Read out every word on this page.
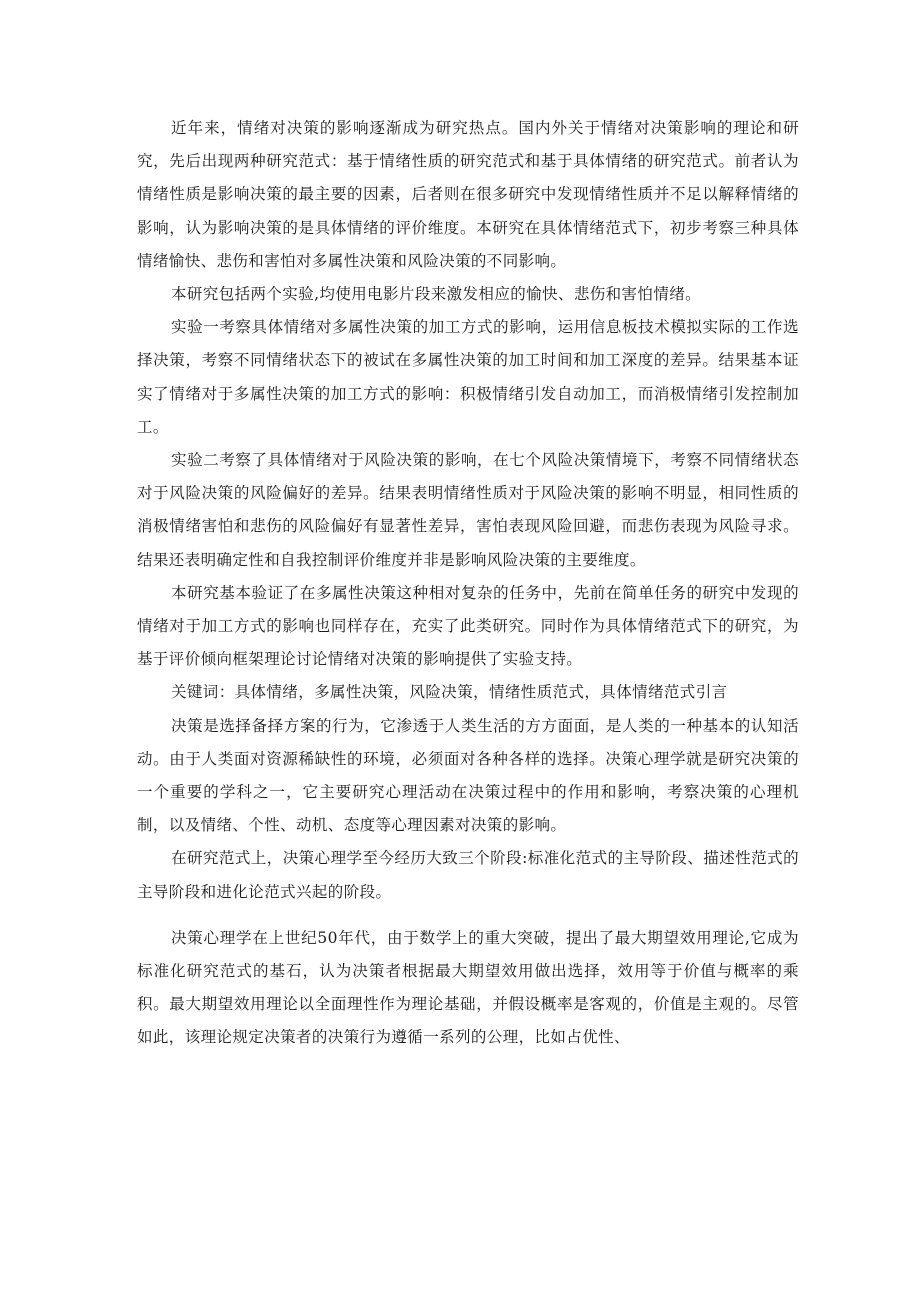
近年来，情绪对决策的影响逐渐成为研究热点。国内外关于情绪对决策影响的理论和研究，先后出现两种研究范式：基于情绪性质的研究范式和基于具体情绪的研究范式。前者认为情绪性质是影响决策的最主要的因素，后者则在很多研究中发现情绪性质并不足以解释情绪的影响，认为影响决策的是具体情绪的评价维度。本研究在具体情绪范式下，初步考察三种具体情绪愉快、悲伤和害怕对多属性决策和风险决策的不同影响。

本研究包括两个实验,均使用电影片段来激发相应的愉快、悲伤和害怕情绪。

实验一考察具体情绪对多属性决策的加工方式的影响，运用信息板技术模拟实际的工作选择决策，考察不同情绪状态下的被试在多属性决策的加工时间和加工深度的差异。结果基本证实了情绪对于多属性决策的加工方式的影响：积极情绪引发自动加工，而消极情绪引发控制加工。

实验二考察了具体情绪对于风险决策的影响，在七个风险决策情境下，考察不同情绪状态对于风险决策的风险偏好的差异。结果表明情绪性质对于风险决策的影响不明显，相同性质的消极情绪害怕和悲伤的风险偏好有显著性差异，害怕表现风险回避，而悲伤表现为风险寻求。结果还表明确定性和自我控制评价维度并非是影响风险决策的主要维度。

本研究基本验证了在多属性决策这种相对复杂的任务中，先前在简单任务的研究中发现的情绪对于加工方式的影响也同样存在，充实了此类研究。同时作为具体情绪范式下的研究，为基于评价倾向框架理论讨论情绪对决策的影响提供了实验支持。

关键词：具体情绪，多属性决策，风险决策，情绪性质范式，具体情绪范式引言

决策是选择备择方案的行为，它渗透于人类生活的方方面面，是人类的一种基本的认知活动。由于人类面对资源稀缺性的环境，必须面对各种各样的选择。决策心理学就是研究决策的一个重要的学科之一，它主要研究心理活动在决策过程中的作用和影响，考察决策的心理机制，以及情绪、个性、动机、态度等心理因素对决策的影响。

在研究范式上，决策心理学至今经历大致三个阶段:标准化范式的主导阶段、描述性范式的主导阶段和进化论范式兴起的阶段。

决策心理学在上世纪50年代，由于数学上的重大突破，提出了最大期望效用理论,它成为标准化研究范式的基石，认为决策者根据最大期望效用做出选择，效用等于价值与概率的乘积。最大期望效用理论以全面理性作为理论基础，并假设概率是客观的，价值是主观的。尽管如此，该理论规定决策者的决策行为遵循一系列的公理，比如占优性、
